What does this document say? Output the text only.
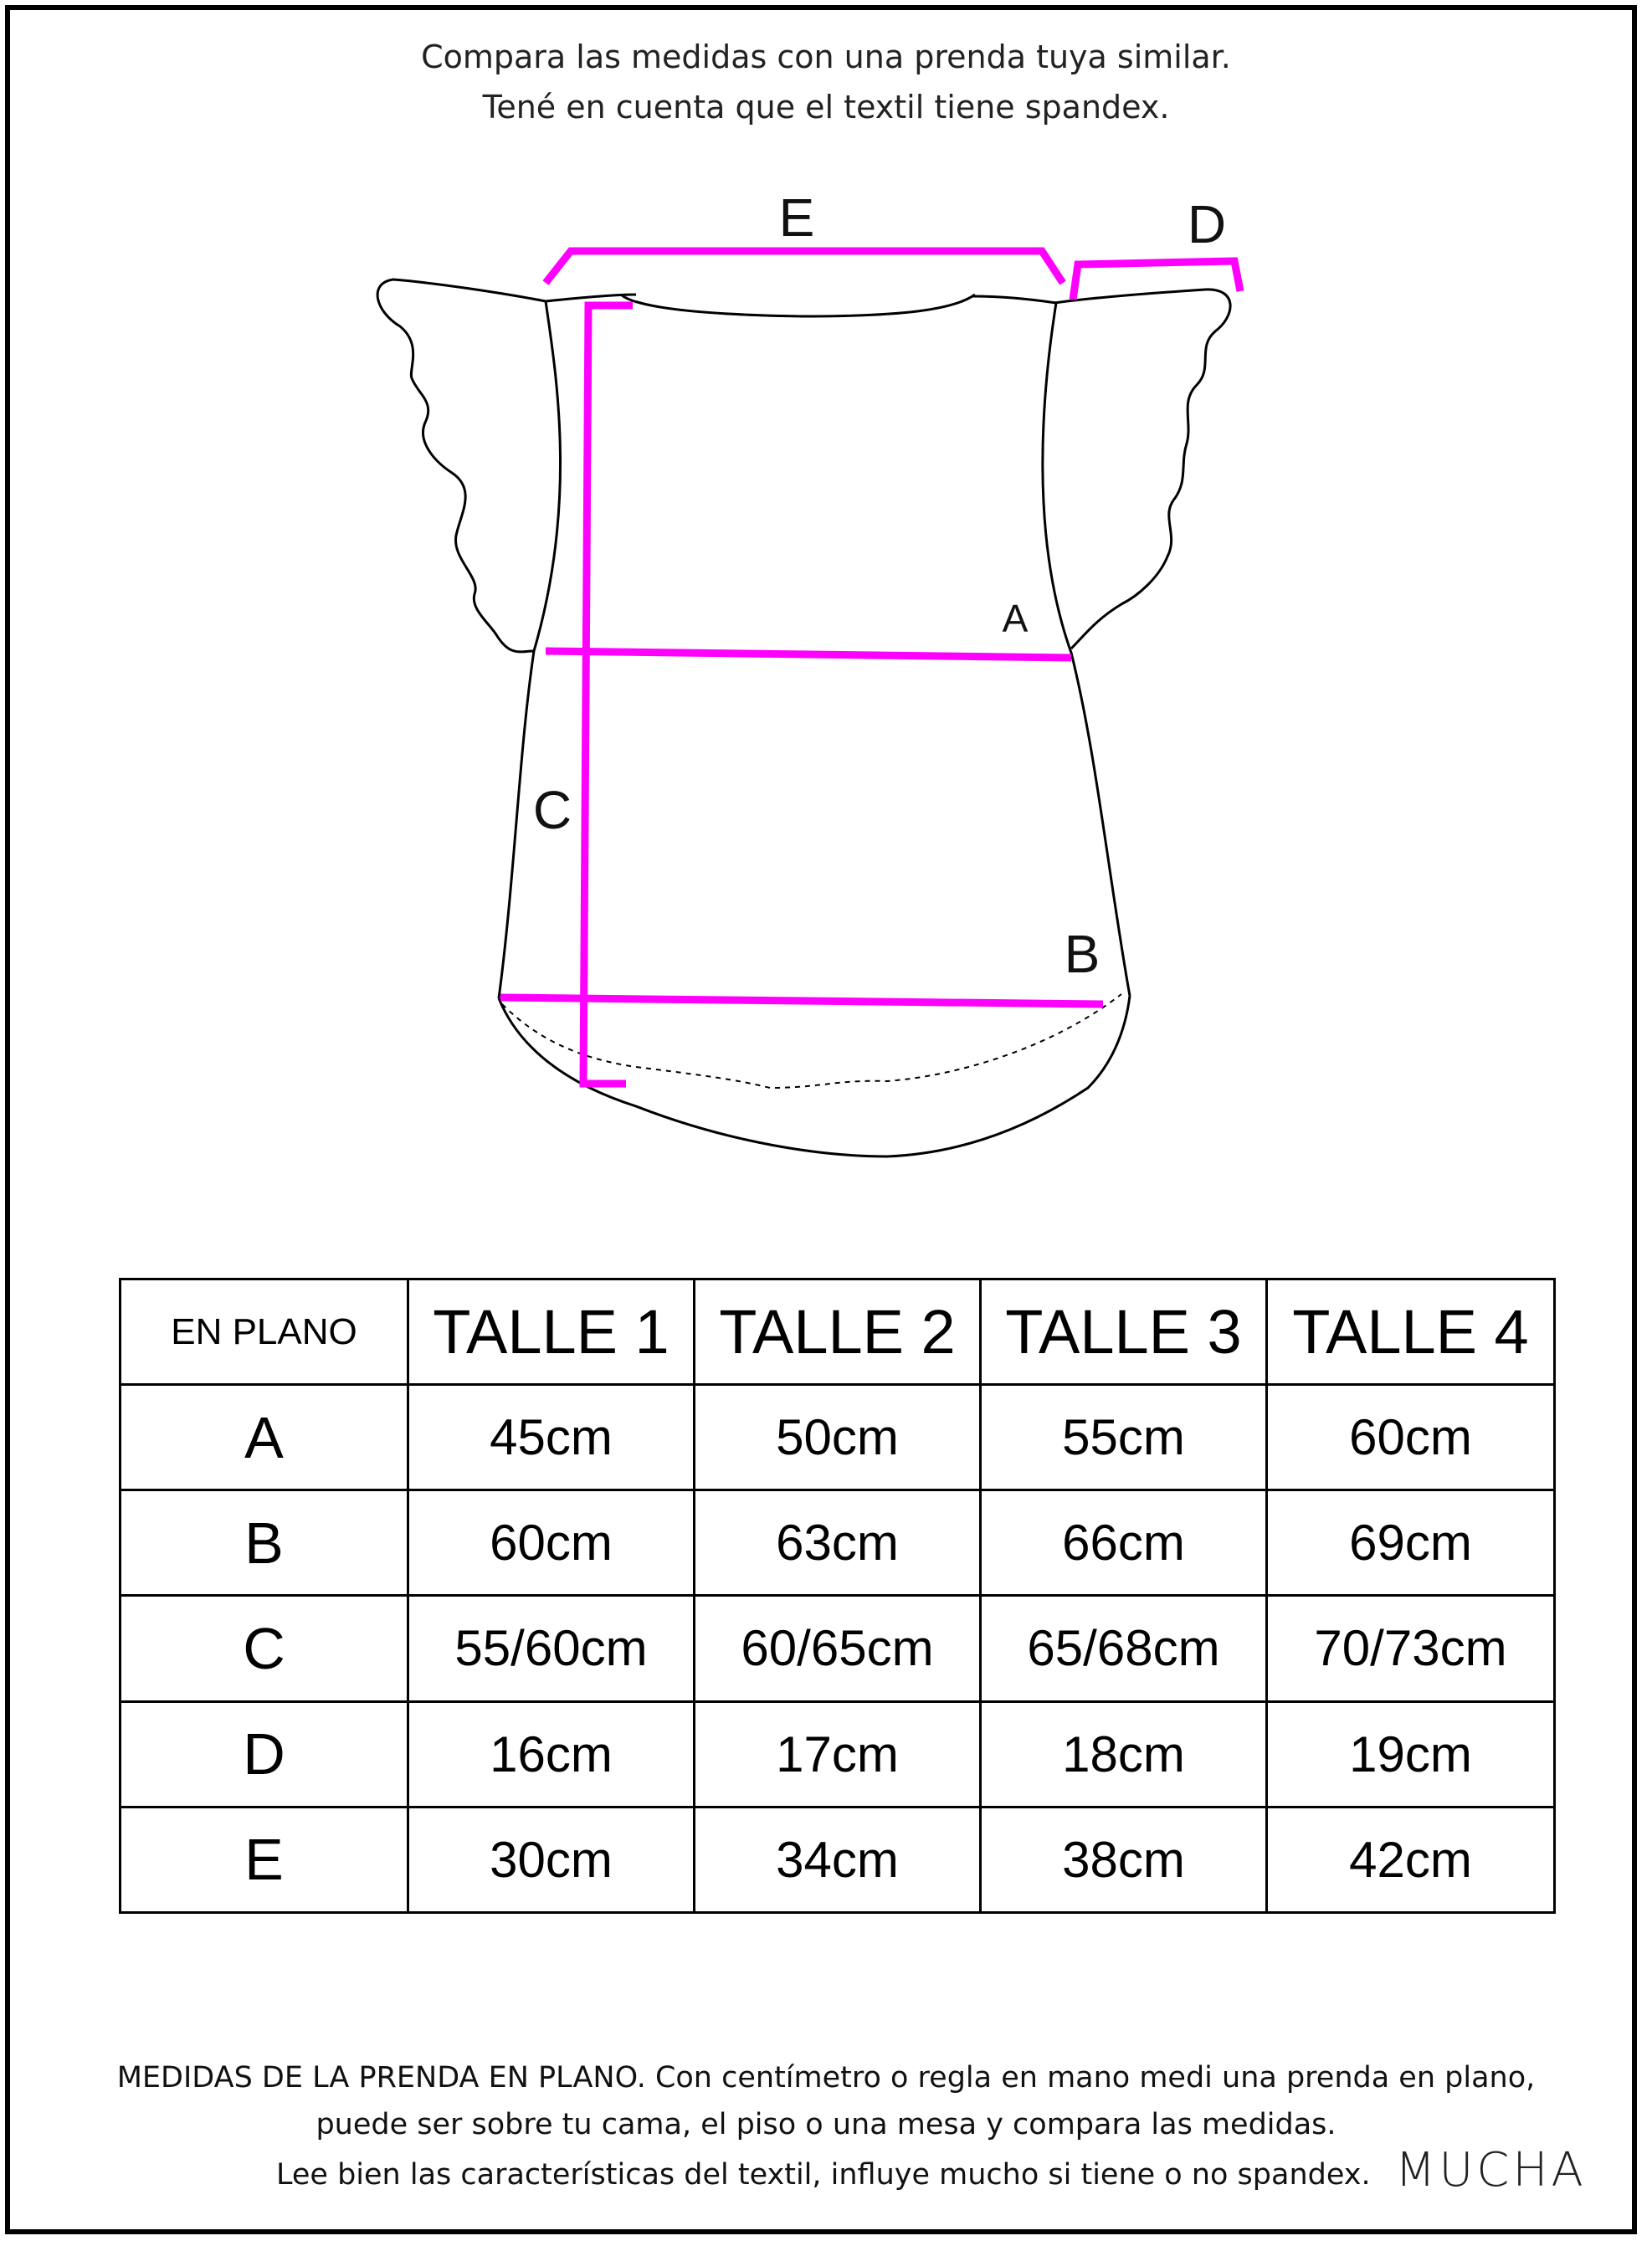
Compara las medidas con una prenda tuya similar.
Tené en cuenta que el textil tiene spandex.
E	D
A
C
B
EN PLANO	TALLE 1	TALLE 2	TALLE 3	TALLE 4
A	45cm	50cm	55cm	60cm
B	60cm	63cm	66cm	69cm
C	55/60cm	60/65cm	65/68cm	70/73cm
D	16cm	17cm	18cm	19cm
E	30cm	34cm	38cm	42cm
MEDIDAS DE LA PRENDA EN PLANO. Con centímetro o regla en mano medi una prenda en plano,
puede ser sobre tu cama, el piso o una mesa y compara las medidas.
Lee bien las características del textil, influye mucho si tiene o no spandex. MUCHA
